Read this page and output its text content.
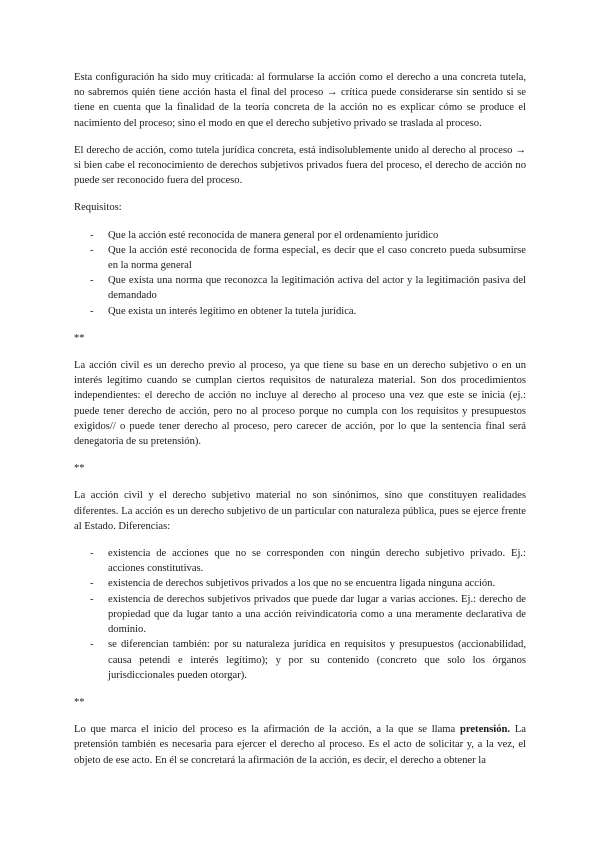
Esta configuración ha sido muy criticada: al formularse la acción como el derecho a una concreta tutela, no sabremos quién tiene acción hasta el final del proceso → crítica puede considerarse sin sentido si se tiene en cuenta que la finalidad de la teoría concreta de la acción no es explicar cómo se produce el nacimiento del proceso; sino el modo en que el derecho subjetivo privado se traslada al proceso.

El derecho de acción, como tutela jurídica concreta, está indisolublemente unido al derecho al proceso → si bien cabe el reconocimiento de derechos subjetivos privados fuera del proceso, el derecho de acción no puede ser reconocido fuera del proceso.

Requisitos:

- Que la acción esté reconocida de manera general por el ordenamiento jurídico
- Que la acción esté reconocida de forma especial, es decir que el caso concreto pueda subsumirse en la norma general
- Que exista una norma que reconozca la legitimación activa del actor y la legitimación pasiva del demandado
- Que exista un interés legítimo en obtener la tutela jurídica.

**

La acción civil es un derecho previo al proceso, ya que tiene su base en un derecho subjetivo o en un interés legítimo cuando se cumplan ciertos requisitos de naturaleza material. Son dos procedimientos independientes: el derecho de acción no incluye al derecho al proceso una vez que este se inicia (ej.: puede tener derecho de acción, pero no al proceso porque no cumpla con los requisitos y presupuestos exigidos// o puede tener derecho al proceso, pero carecer de acción, por lo que la sentencia final será denegatoria de su pretensión).

**

La acción civil y el derecho subjetivo material no son sinónimos, sino que constituyen realidades diferentes. La acción es un derecho subjetivo de un particular con naturaleza pública, pues se ejerce frente al Estado. Diferencias:

- existencia de acciones que no se corresponden con ningún derecho subjetivo privado. Ej.: acciones constitutivas.
- existencia de derechos subjetivos privados a los que no se encuentra ligada ninguna acción.
- existencia de derechos subjetivos privados que puede dar lugar a varias acciones. Ej.: derecho de propiedad que da lugar tanto a una acción reivindicatoria como a una meramente declarativa de dominio.
- se diferencian también: por su naturaleza jurídica en requisitos y presupuestos (accionabilidad, causa petendi e interés legítimo); y por su contenido (concreto que solo los órganos jurisdiccionales pueden otorgar).

**

Lo que marca el inicio del proceso es la afirmación de la acción, a la que se llama pretensión. La pretensión también es necesaria para ejercer el derecho al proceso. Es el acto de solicitar y, a la vez, el objeto de ese acto. En él se concretará la afirmación de la acción, es decir, el derecho a obtener la
